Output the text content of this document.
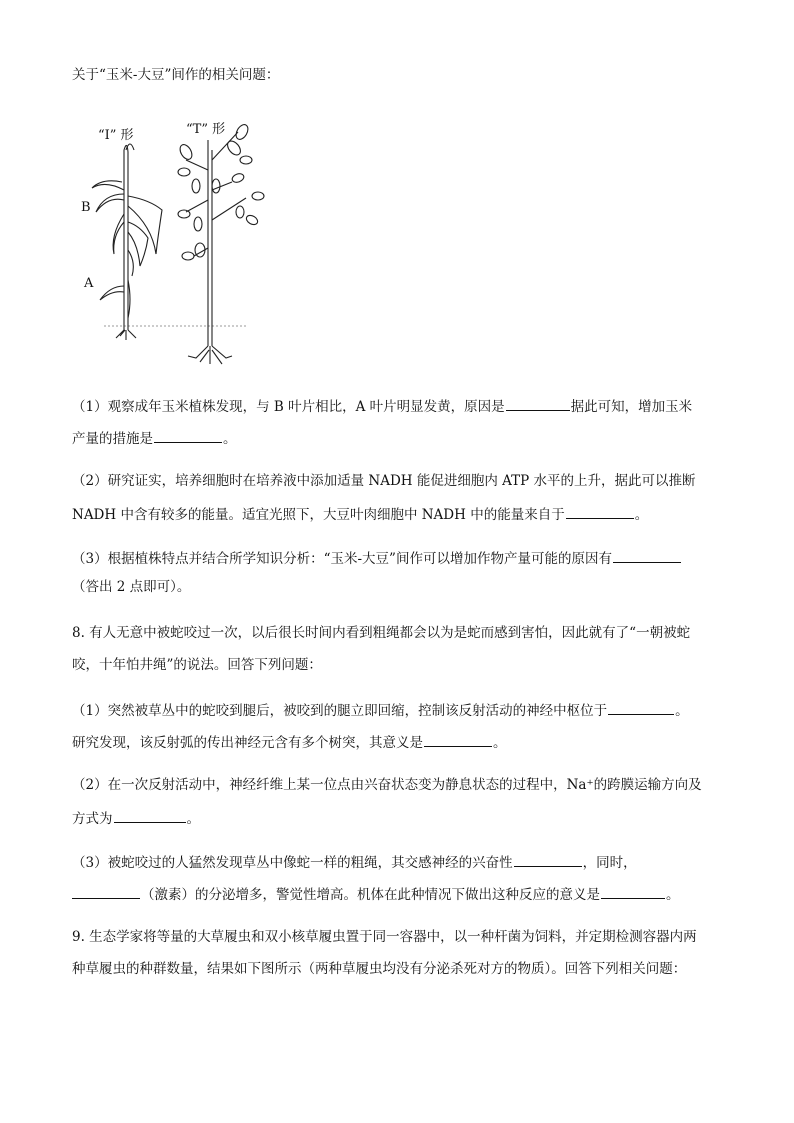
关于“玉米-大豆”间作的相关问题：
“I” 形	“T” 形
B
A
（1）观察成年玉米植株发现，与 B 叶片相比，A 叶片明显发黄，原因是	据此可知，增加玉米
产量的措施是	。
（2）研究证实，培养细胞时在培养液中添加适量 NADH 能促进细胞内 ATP 水平的上升，据此可以推断
NADH 中含有较多的能量。适宜光照下，大豆叶肉细胞中 NADH 中的能量来自于	。
（3）根据植株特点并结合所学知识分析：“玉米-大豆”间作可以增加作物产量可能的原因有
（答出 2 点即可）。
8. 有人无意中被蛇咬过一次，以后很长时间内看到粗绳都会以为是蛇而感到害怕，因此就有了“一朝被蛇
咬，十年怕井绳”的说法。回答下列问题：
（1）突然被草丛中的蛇咬到腿后，被咬到的腿立即回缩，控制该反射活动的神经中枢位于	。
研究发现，该反射弧的传出神经元含有多个树突，其意义是	。
（2）在一次反射活动中，神经纤维上某一位点由兴奋状态变为静息状态的过程中，Na⁺的跨膜运输方向及
方式为	。
（3）被蛇咬过的人猛然发现草丛中像蛇一样的粗绳，其交感神经的兴奋性	，同时，
（激素）的分泌增多，警觉性增高。机体在此种情况下做出这种反应的意义是	。
9. 生态学家将等量的大草履虫和双小核草履虫置于同一容器中，以一种杆菌为饲料，并定期检测容器内两
种草履虫的种群数量，结果如下图所示（两种草履虫均没有分泌杀死对方的物质）。回答下列相关问题：
